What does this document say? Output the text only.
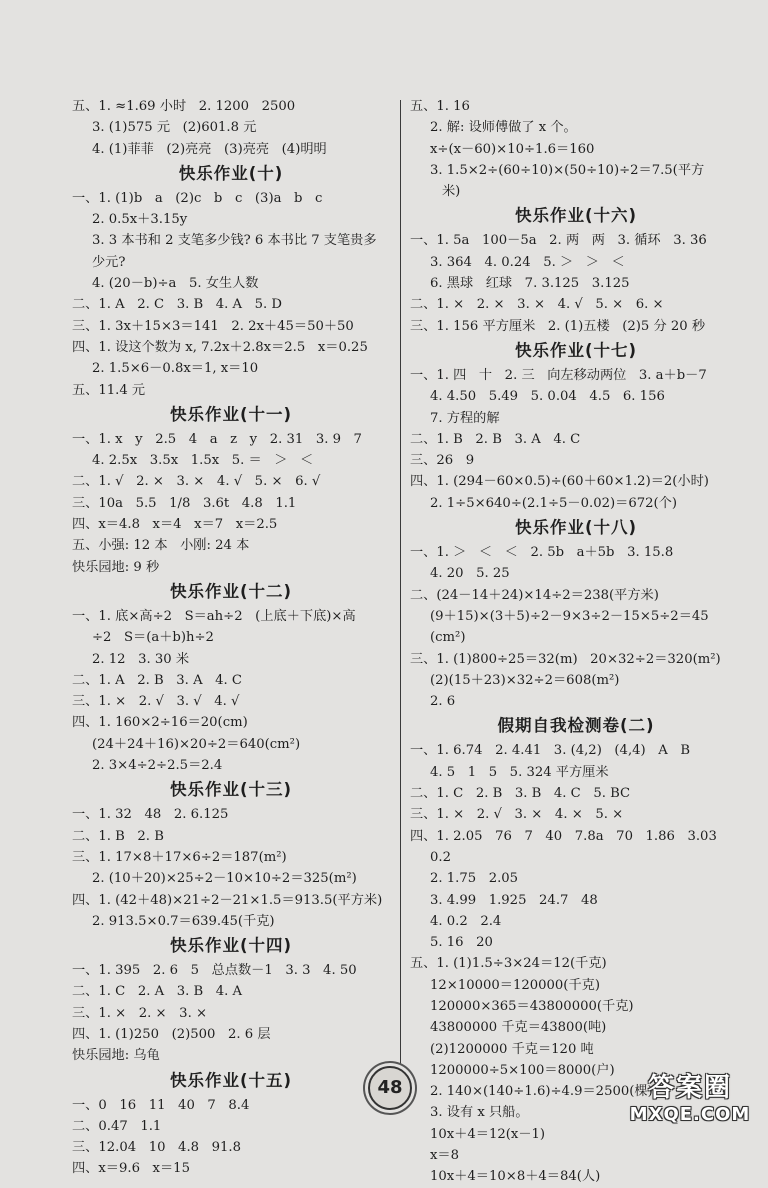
五、1. ≈1.69 小时   2. 1200   2500
3. (1)575 元   (2)601.8 元
4. (1)菲菲   (2)亮亮   (3)亮亮   (4)明明
快乐作业(十)
一、1. (1)b   a   (2)c   b   c   (3)a   b   c
2. 0.5x＋3.15y
3. 3 本书和 2 支笔多少钱? 6 本书比 7 支笔贵多
少元?
4. (20－b)÷a   5. 女生人数
二、1. A   2. C   3. B   4. A   5. D
三、1. 3x＋15×3＝141   2. 2x＋45＝50＋50
四、1. 设这个数为 x, 7.2x＋2.8x＝2.5   x＝0.25
2. 1.5×6－0.8x＝1, x＝10
五、11.4 元
快乐作业(十一)
一、1. x   y   2.5   4   a   z   y   2. 31   3. 9   7
4. 2.5x   3.5x   1.5x   5. ＝   ＞   ＜
二、1. √   2. ×   3. ×   4. √   5. ×   6. √
三、10a   5.5   1/8   3.6t   4.8   1.1
四、x＝4.8   x＝4   x＝7   x＝2.5
五、小强: 12 本   小刚: 24 本
快乐园地: 9 秒
快乐作业(十二)
一、1. 底×高÷2   S＝ah÷2   (上底＋下底)×高
÷2   S＝(a＋b)h÷2
2. 12   3. 30 米
二、1. A   2. B   3. A   4. C
三、1. ×   2. √   3. √   4. √
四、1. 160×2÷16＝20(cm)
(24＋24＋16)×20÷2＝640(cm²)
2. 3×4÷2÷2.5＝2.4
快乐作业(十三)
一、1. 32   48   2. 6.125
二、1. B   2. B
三、1. 17×8＋17×6÷2＝187(m²)
2. (10＋20)×25÷2－10×10÷2＝325(m²)
四、1. (42＋48)×21÷2－21×1.5＝913.5(平方米)
2. 913.5×0.7＝639.45(千克)
快乐作业(十四)
一、1. 395   2. 6   5   总点数－1   3. 3   4. 50
二、1. C   2. A   3. B   4. A
三、1. ×   2. ×   3. ×
四、1. (1)250   (2)500   2. 6 层
快乐园地: 乌龟
快乐作业(十五)
一、0   16   11   40   7   8.4
二、0.47   1.1
三、12.04   10   4.8   91.8
四、x＝9.6   x＝15
五、1. 16
2. 解: 设师傅做了 x 个。
x÷(x－60)×10÷1.6＝160
3. 1.5×2÷(60÷10)×(50÷10)÷2＝7.5(平方
米)
快乐作业(十六)
一、1. 5a   100－5a   2. 两   两   3. 循环   3. 3̇6̇
3. 364   4. 0.24   5. ＞   ＞   ＜
6. 黑球   红球   7. 3.125   3.125
二、1. ×   2. ×   3. ×   4. √   5. ×   6. ×
三、1. 156 平方厘米   2. (1)五楼   (2)5 分 20 秒
快乐作业(十七)
一、1. 四   十   2. 三   向左移动两位   3. a＋b－7
4. 4.50   5.49   5. 0.04   4.5   6. 156
7. 方程的解
二、1. B   2. B   3. A   4. C
三、26   9
四、1. (294－60×0.5)÷(60＋60×1.2)＝2(小时)
2. 1÷5×640÷(2.1÷5－0.02)＝672(个)
快乐作业(十八)
一、1. ＞   ＜   ＜   2. 5b   a＋5b   3. 15.8
4. 20   5. 25
二、(24－14＋24)×14÷2＝238(平方米)
(9＋15)×(3＋5)÷2－9×3÷2－15×5÷2＝45
(cm²)
三、1. (1)800÷25＝32(m)   20×32÷2＝320(m²)
(2)(15＋23)×32÷2＝608(m²)
2. 6
假期自我检测卷(二)
一、1. 6.74   2. 4.41   3. (4,2)   (4,4)   A   B
4. 5   1   5   5. 324 平方厘米
二、1. C   2. B   3. B   4. C   5. BC
三、1. ×   2. √   3. ×   4. ×   5. ×
四、1. 2.05   76   7   40   7.8a   70   1.86   3.03
0.2
2. 1.75   2.05
3. 4.99   1.925   24.7   48
4. 0.2   2.4
5. 16   20
五、1. (1)1.5÷3×24＝12(千克)
12×10000＝120000(千克)
120000×365＝43800000(千克)
43800000 千克＝43800(吨)
(2)1200000 千克＝120 吨
1200000÷5×100＝8000(户)
2. 140×(140÷1.6)÷4.9＝2500(棵)
3. 设有 x 只船。
10x＋4＝12(x－1)
x＝8
10x＋4＝10×8＋4＝84(人)
48	答案圈
MXQE.COM
